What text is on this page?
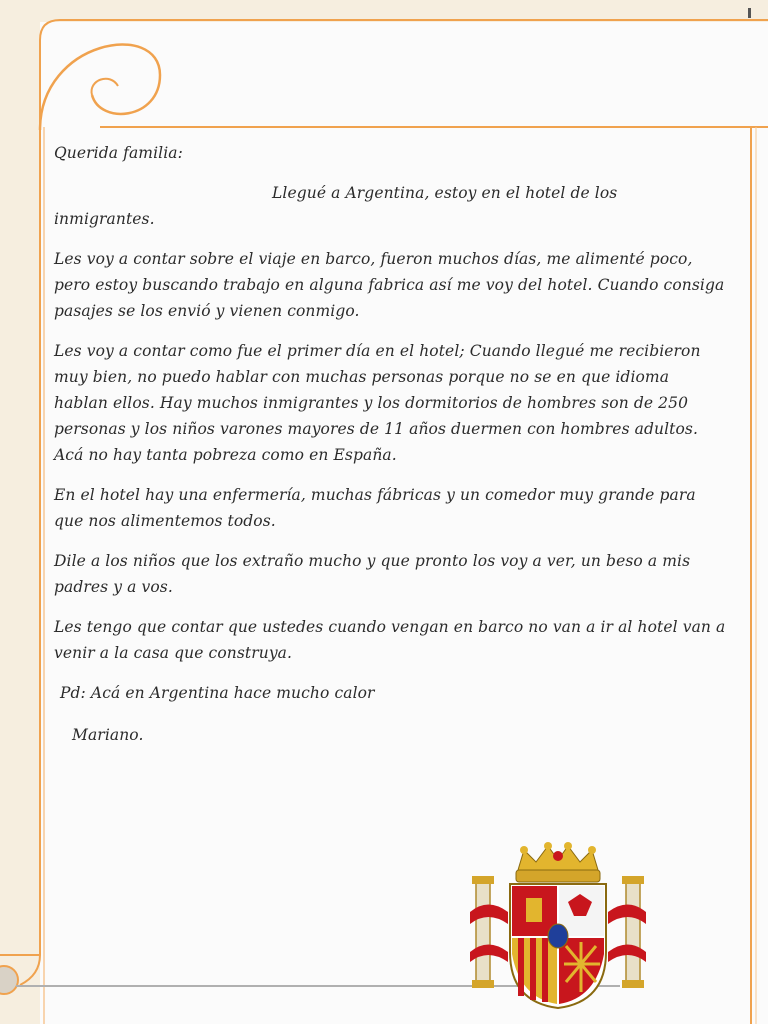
Querida familia:

Llegué a Argentina, estoy en el hotel de los
inmigrantes.

Les voy a contar sobre el viaje en barco, fueron muchos días, me alimenté poco, pero estoy buscando trabajo en alguna fabrica así me voy del hotel. Cuando consiga pasajes se los envió y vienen conmigo.

Les voy a contar como fue el primer día en el hotel; Cuando llegué me recibieron muy bien, no puedo hablar con muchas personas porque no se en que idioma hablan ellos. Hay muchos inmigrantes y los dormitorios de hombres son de 250 personas y los niños varones mayores de 11 años duermen con hombres adultos. Acá no hay tanta pobreza como en España.

En el hotel hay una enfermería, muchas fábricas y un comedor muy grande para que nos alimentemos todos.

Dile a los niños que los extraño mucho y que pronto los voy a ver, un beso a mis padres y a vos.

Les tengo que contar que ustedes cuando vengan en barco no van a ir al hotel van a venir a la casa que construya.

Pd: Acá en Argentina hace mucho calor

Mariano.
